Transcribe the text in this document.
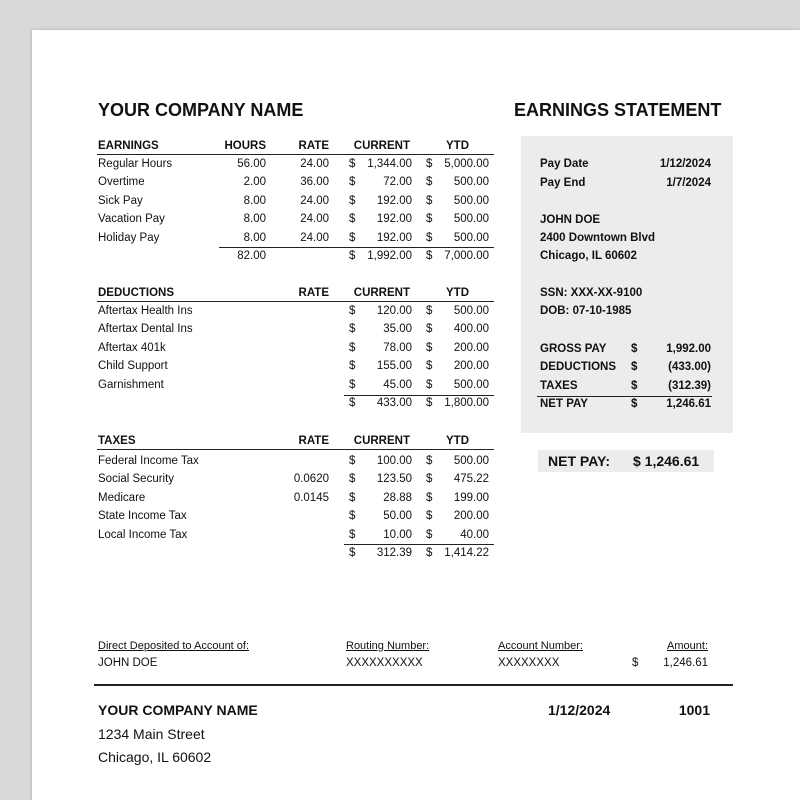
YOUR COMPANY NAME	EARNINGS STATEMENT
EARNINGS	HOURS	RATE	CURRENT	YTD
Regular Hours	56.00	24.00 $	1,344.00 $	5,000.00
Overtime	2.00	36.00 $	72.00 $	500.00
Sick Pay	8.00	24.00 $	192.00 $	500.00
Vacation Pay	8.00	24.00 $	192.00 $	500.00
Holiday Pay	8.00	24.00 $	192.00 $	500.00
82.00	$	1,992.00 $	7,000.00
DEDUCTIONS	RATE	CURRENT	YTD
Aftertax Health Ins	$	120.00 $	500.00
Aftertax Dental Ins	$	35.00 $	400.00
Aftertax 401k	$	78.00 $	200.00
Child Support	$	155.00 $	200.00
Garnishment	$	45.00 $	500.00
$	433.00 $	1,800.00
TAXES	RATE	CURRENT	YTD
Federal Income Tax	$	100.00 $	500.00
Social Security	0.0620 $	123.50 $	475.22
Medicare	0.0145 $	28.88 $	199.00
State Income Tax	$	50.00 $	200.00
Local Income Tax	$	10.00 $	40.00
$	312.39 $	1,414.22
Pay Date	1/12/2024
Pay End	1/7/2024
JOHN DOE
2400 Downtown Blvd
Chicago, IL 60602
SSN: XXX-XX-9100
DOB: 07-10-1985
GROSS PAY $	1,992.00
DEDUCTIONS $	(433.00)
TAXES	$	(312.39)
NET PAY	$	1,246.61
NET PAY: $ 1,246.61
Direct Deposited to Account of:
JOHN DOE
Routing Number:
XXXXXXXXXX
Account Number:
XXXXXXXX
Amount:
$	1,246.61
YOUR COMPANY NAME
1234 Main Street
Chicago, IL 60602
1/12/2024	1001
